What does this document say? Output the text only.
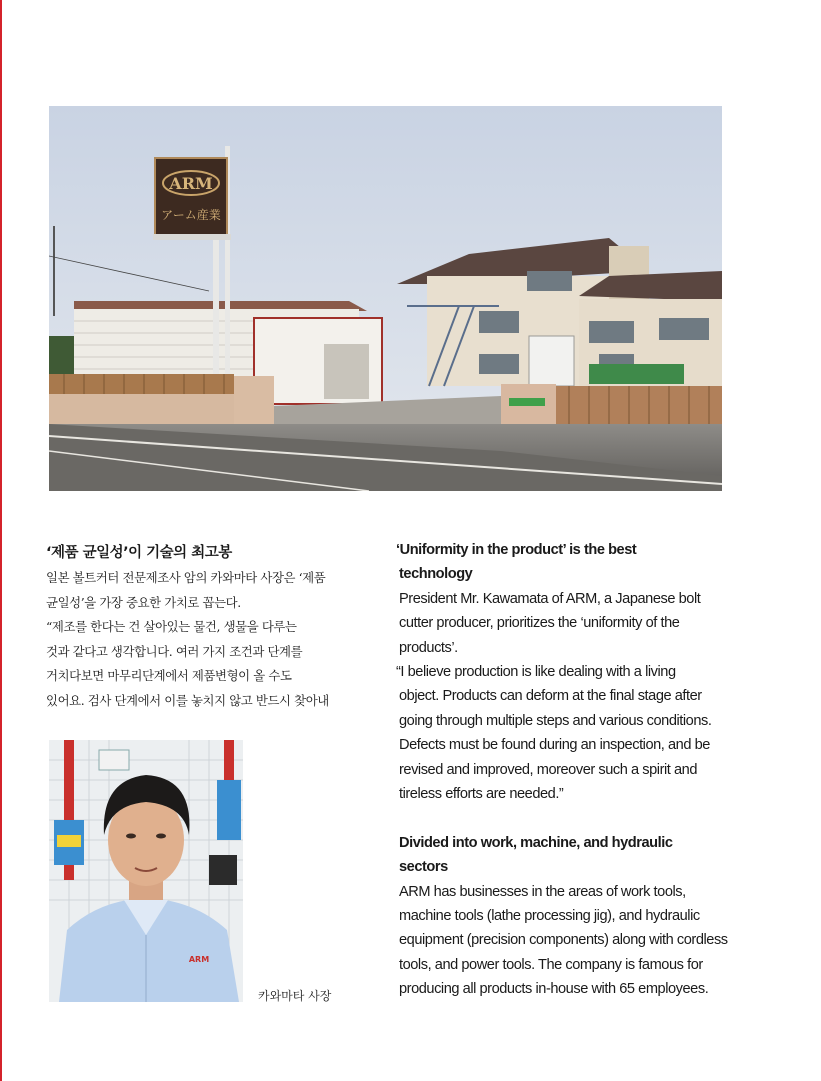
ARM
アーム産業
‘제품 균일성’이 기술의 최고봉
일본 볼트커터 전문제조사 암의 카와마타 사장은 ‘제품
균일성’을 가장 중요한 가치로 꼽는다.
“제조를 한다는 건 살아있는 물건, 생물을 다루는
것과 같다고 생각합니다. 여러 가지 조건과 단계를
거치다보면 마무리단계에서 제품변형이 올 수도
있어요. 검사 단계에서 이를 놓치지 않고 반드시 찾아내
ARM
카와마타 사장
‘Uniformity in the product’ is the best
technology
President Mr. Kawamata of ARM, a Japanese bolt
cutter producer, prioritizes the ‘uniformity of the
products’.
“I believe production is like dealing with a living
object. Products can deform at the final stage after
going through multiple steps and various conditions.
Defects must be found during an inspection, and be
revised and improved, moreover such a spirit and
tireless efforts are needed.”
Divided into work, machine, and hydraulic
sectors
ARM has businesses in the areas of work tools,
machine tools (lathe processing jig), and hydraulic
equipment (precision components) along with cordless
tools, and power tools. The company is famous for
producing all products in-house with 65 employees.
